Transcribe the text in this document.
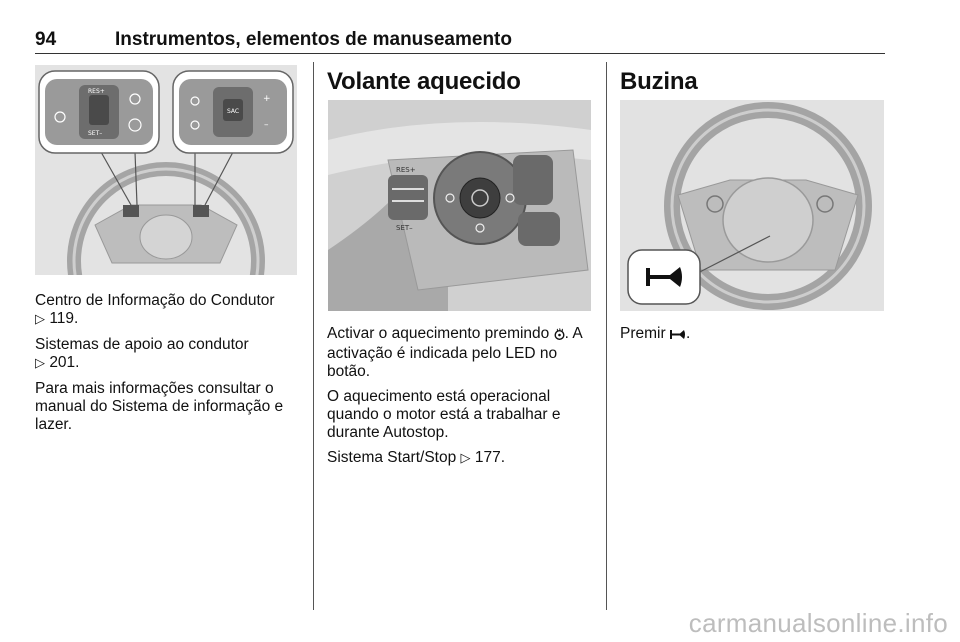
94	Instrumentos, elementos de manuseamento
RES+
SET–
SAC
+
–

Centro de Informação do Condutor
▷ 119.

Sistemas de apoio ao condutor
▷ 201.

Para mais informações consultar o manual do Sistema de informação e lazer.

Volante aquecido
RES+
SET–

Activar o aquecimento premindo . A activação é indicada pelo LED no botão.

O aquecimento está operacional quando o motor está a trabalhar e durante Autostop.

Sistema Start/Stop ▷ 177.

Buzina

Premir .

carmanualsonline.info
